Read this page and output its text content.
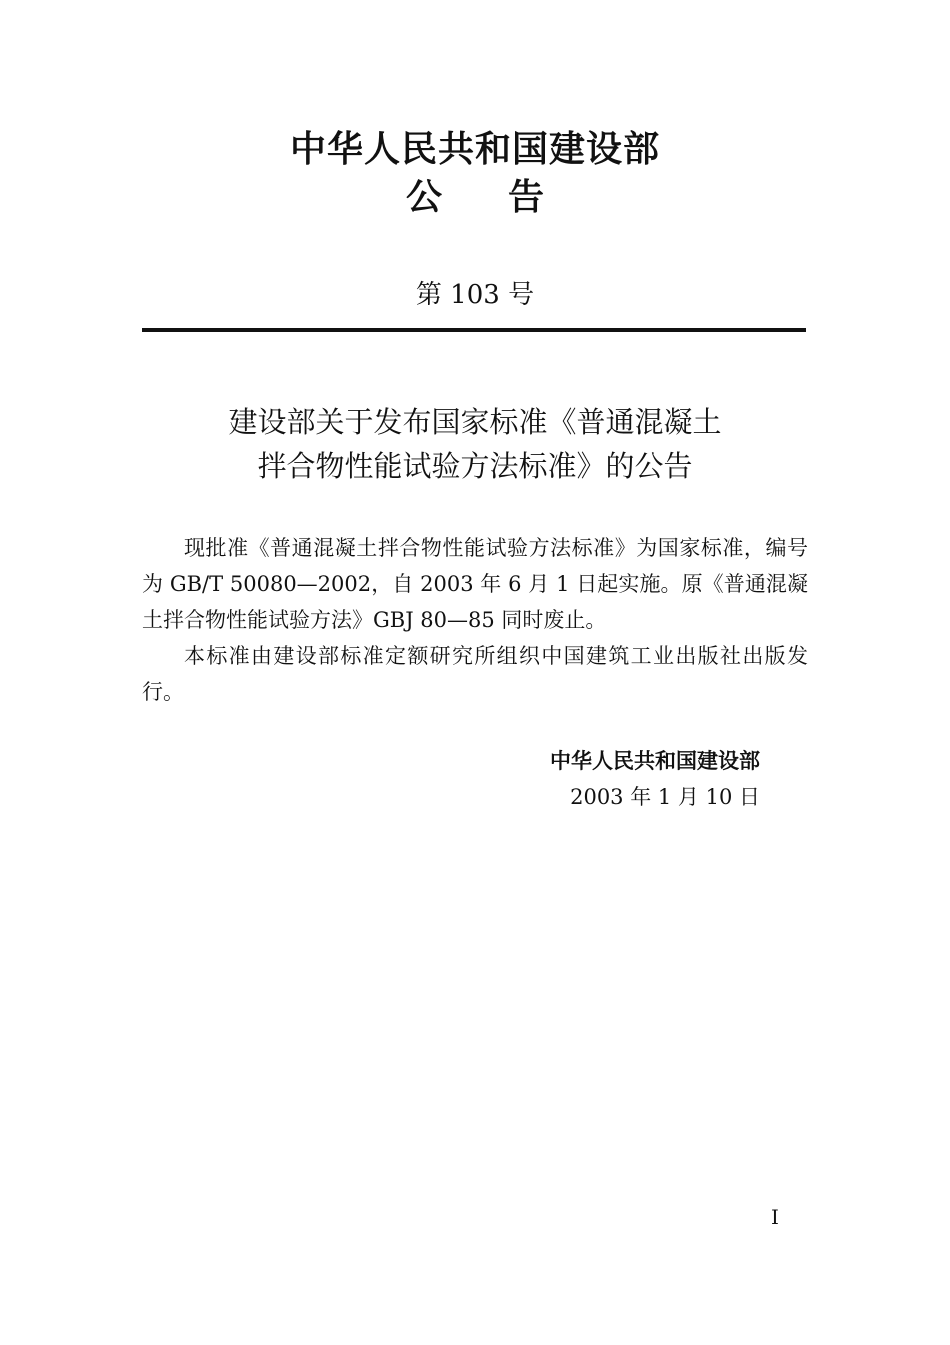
中华人民共和国建设部
公告
第 103 号
建设部关于发布国家标准《普通混凝土
拌合物性能试验方法标准》的公告
现批准《普通混凝土拌合物性能试验方法标准》为国家标准，编号为 GB/T 50080—2002，自 2003 年 6 月 1 日起实施。原《普通混凝土拌合物性能试验方法》GBJ 80—85 同时废止。
本标准由建设部标准定额研究所组织中国建筑工业出版社出版发行。
中华人民共和国建设部
2003 年 1 月 10 日
I
